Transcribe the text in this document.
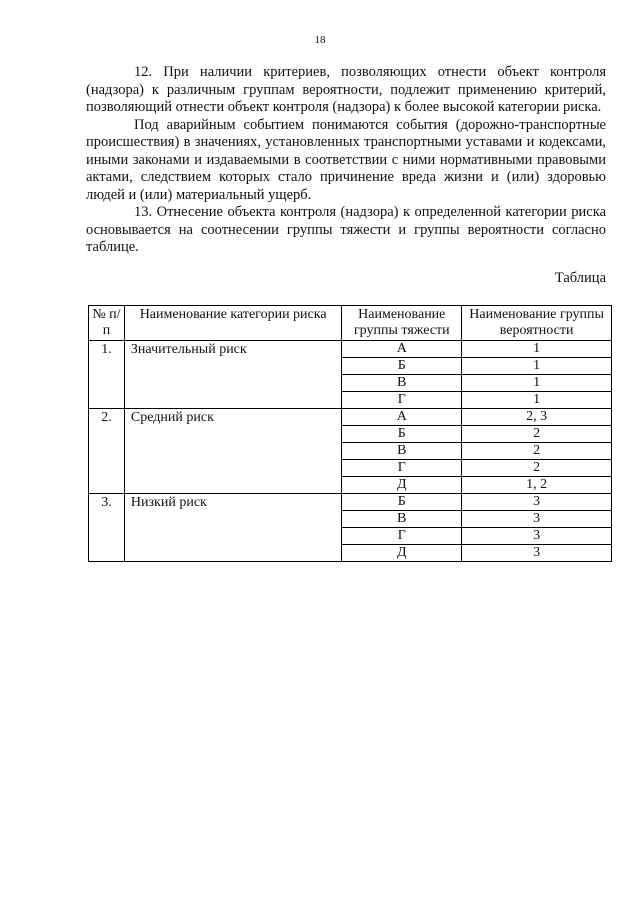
18

12. При наличии критериев, позволяющих отнести объект контроля (надзора) к различным группам вероятности, подлежит применению критерий, позволяющий отнести объект контроля (надзора) к более высокой категории риска.

Под аварийным событием понимаются события (дорожно-транспортные происшествия) в значениях, установленных транспортными уставами и кодексами, иными законами и издаваемыми в соответствии с ними нормативными правовыми актами, следствием которых стало причинение вреда жизни и (или) здоровью людей и (или) материальный ущерб.

13. Отнесение объекта контроля (надзора) к определенной категории риска основывается на соотнесении группы тяжести и группы вероятности согласно таблице.

Таблица
№ п/п	Наименование категории риска	Наименование группы тяжести	Наименование группы вероятности
1.	Значительный риск	А	1
		Б	1
		В	1
		Г	1
2.	Средний риск	А	2, 3
		Б	2
		В	2
		Г	2
		Д	1, 2
3.	Низкий риск	Б	3
		В	3
		Г	3
		Д	3
